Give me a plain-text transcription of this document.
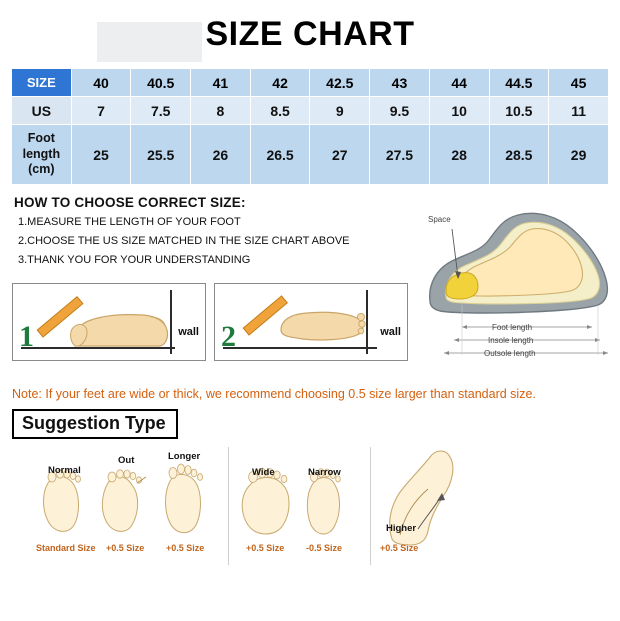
SIZE CHART
SIZE	40	40.5	41	42	42.5	43	44	44.5	45
US	7	7.5	8	8.5	9	9.5	10	10.5	11

Foot
length
(cm)	25	25.5	26	26.5	27	27.5	28	28.5	29
HOW TO CHOOSE CORRECT SIZE:
1.MEASURE THE LENGTH OF YOUR FOOT
2.CHOOSE THE US SIZE MATCHED IN THE SIZE CHART ABOVE
3.THANK YOU FOR YOUR UNDERSTANDING
1	wall 2	wall
Space
Foot length
Insole length
Outsole length
Note: If your feet are wide or thick, we recommend choosing 0.5 size larger than standard size.
Suggestion Type
Normal
Out	Longer
Standard Size +0.5 Size +0.5 Size
Wide	Narrow
+0.5 Size -0.5 Size
Higher
+0.5 Size
